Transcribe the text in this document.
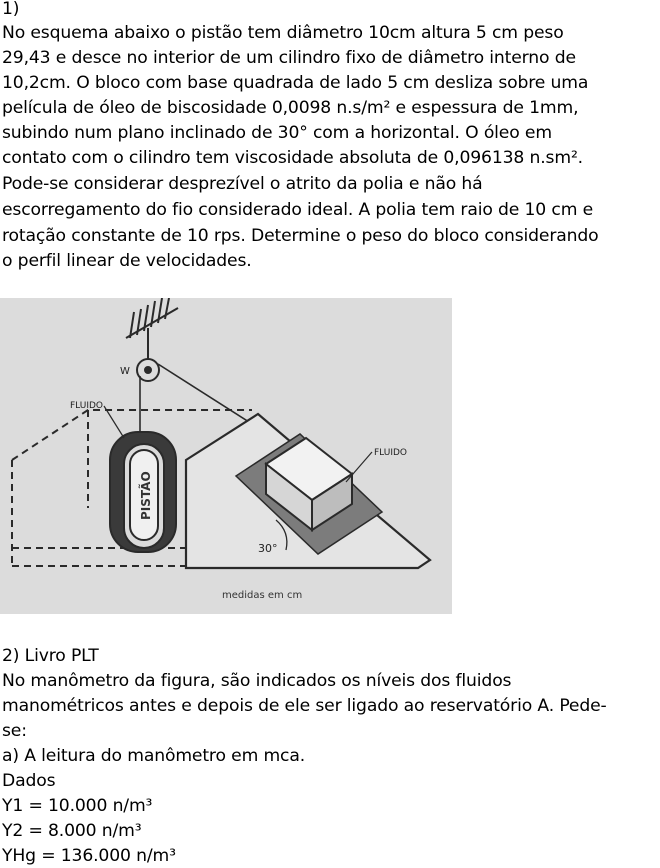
1)
No esquema abaixo o pistão tem diâmetro 10cm altura 5 cm peso
29,43 e desce no interior de um cilindro fixo de diâmetro interno de
10,2cm. O bloco com base quadrada de lado 5 cm desliza sobre uma
película de óleo de biscosidade 0,0098 n.s/m² e espessura de 1mm,
subindo num plano inclinado de 30° com a horizontal. O óleo em
contato com o cilindro tem viscosidade absoluta de 0,096138 n.sm².
Pode-se considerar desprezível o atrito da polia e não há
escorregamento do fio considerado ideal. A polia tem raio de 10 cm e
rotação constante de 10 rps. Determine o peso do bloco considerando
o perfil linear de velocidades.
W
FLUIDO
PISTÃO
FLUIDO
30°
medidas em cm
2) Livro PLT
No manômetro da figura, são indicados os níveis dos fluidos
manométricos antes e depois de ele ser ligado ao reservatório A. Pede-
se:
a) A leitura do manômetro em mca.
Dados
Y1 = 10.000 n/m³
Y2 = 8.000 n/m³
YHg = 136.000 n/m³
